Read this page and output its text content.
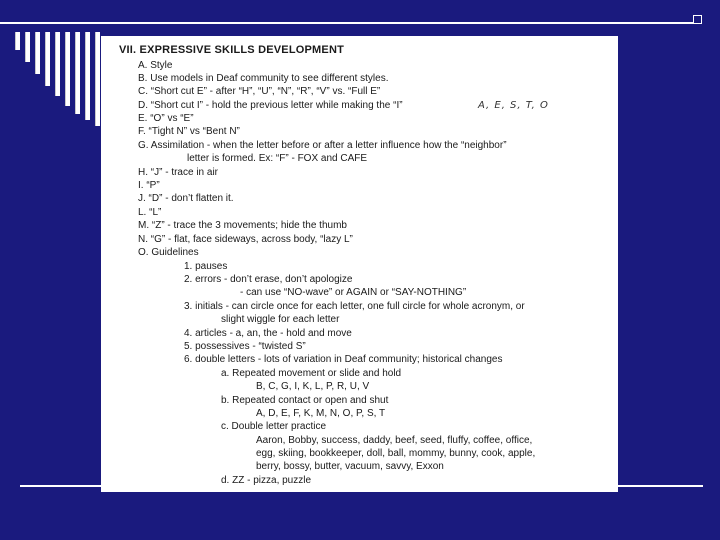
VII. EXPRESSIVE SKILLS DEVELOPMENT
A, E, S, T, O
A. Style
B. Use models in Deaf community to see different styles.
C. “Short cut E” - after “H”, “U”, “N”, “R”, “V” vs. “Full E”
D. “Short cut I” - hold the previous letter while making the “I”
E. “O” vs “E”
F. “Tight N” vs “Bent N”
G. Assimilation - when the letter before or after a letter influence how the “neighbor”
letter is formed. Ex: “F” - FOX and CAFE
H. “J” - trace in air
I. “P”
J. “D” - don’t flatten it.
L. “L”
M. “Z” - trace the 3 movements; hide the thumb
N. “G” - flat, face sideways, across body, “lazy L”
O. Guidelines
1. pauses
2. errors - don’t erase, don’t apologize
- can use “NO-wave” or AGAIN or “SAY-NOTHING”
3. initials - can circle once for each letter, one full circle for whole acronym, or
slight wiggle for each letter
4. articles - a, an, the - hold and move
5. possessives - “twisted S”
6. double letters - lots of variation in Deaf community; historical changes
a. Repeated movement or slide and hold
B, C, G, I, K, L, P, R, U, V
b. Repeated contact or open and shut
A, D, E, F, K, M, N, O, P, S, T
c. Double letter practice
Aaron, Bobby, success, daddy, beef, seed, fluffy, coffee, office,
egg, skiing, bookkeeper, doll, ball, mommy, bunny, cook, apple,
berry, bossy, butter, vacuum, savvy, Exxon
d. ZZ - pizza, puzzle
